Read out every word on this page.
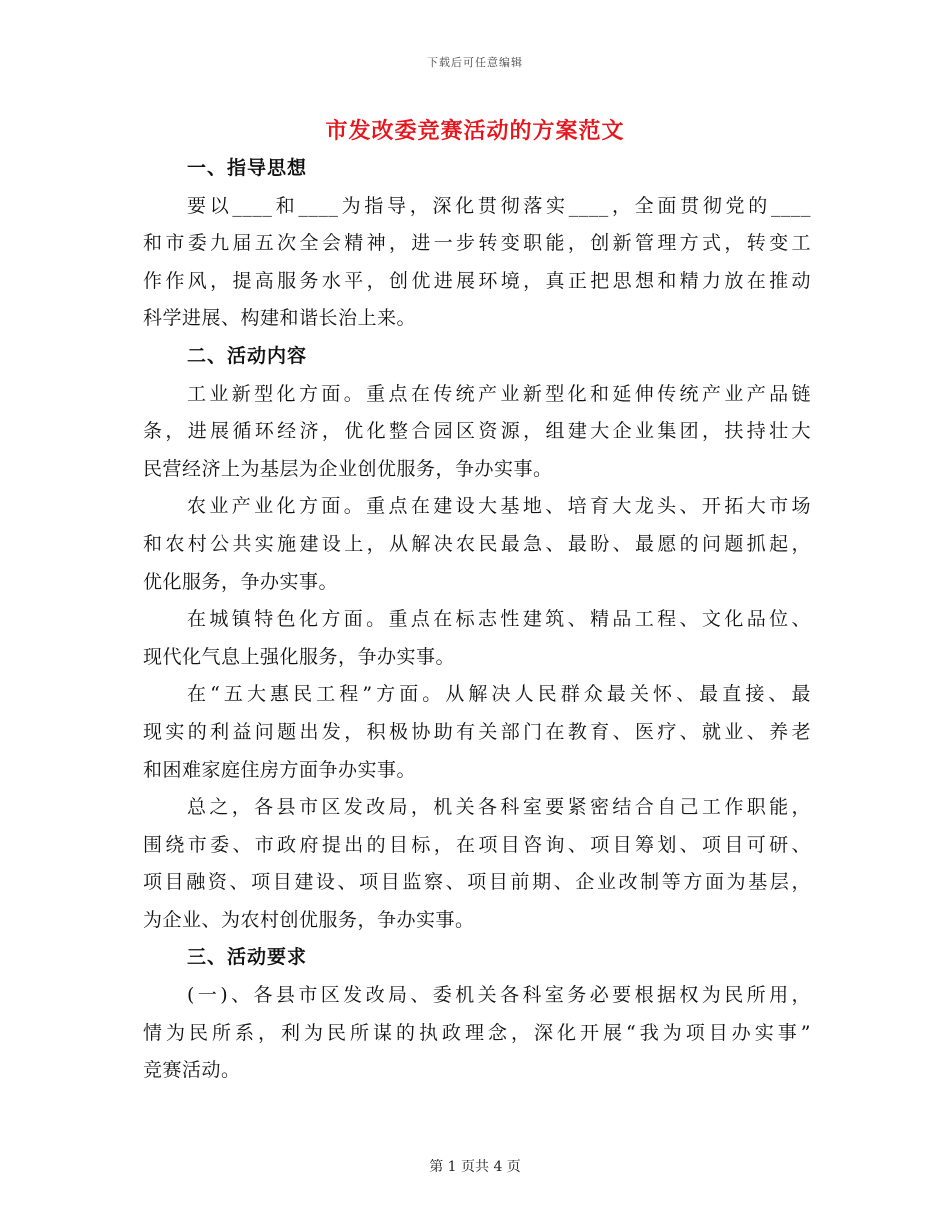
下载后可任意编辑
市发改委竞赛活动的方案范文
一、指导思想
要以____和____为指导，深化贯彻落实____，全面贯彻党的____
和市委九届五次全会精神，进一步转变职能，创新管理方式，转变工
作作风，提高服务水平，创优进展环境，真正把思想和精力放在推动
科学进展、构建和谐长治上来。
二、活动内容
工业新型化方面。重点在传统产业新型化和延伸传统产业产品链
条，进展循环经济，优化整合园区资源，组建大企业集团，扶持壮大
民营经济上为基层为企业创优服务，争办实事。
农业产业化方面。重点在建设大基地、培育大龙头、开拓大市场
和农村公共实施建设上，从解决农民最急、最盼、最愿的问题抓起，
优化服务，争办实事。
在城镇特色化方面。重点在标志性建筑、精品工程、文化品位、
现代化气息上强化服务，争办实事。
在“五大惠民工程”方面。从解决人民群众最关怀、最直接、最
现实的利益问题出发，积极协助有关部门在教育、医疗、就业、养老
和困难家庭住房方面争办实事。
总之，各县市区发改局，机关各科室要紧密结合自己工作职能，
围绕市委、市政府提出的目标，在项目咨询、项目筹划、项目可研、
项目融资、项目建设、项目监察、项目前期、企业改制等方面为基层，
为企业、为农村创优服务，争办实事。
三、活动要求
(一)、各县市区发改局、委机关各科室务必要根据权为民所用，
情为民所系，利为民所谋的执政理念，深化开展“我为项目办实事”
竞赛活动。
第 1 页共 4 页
